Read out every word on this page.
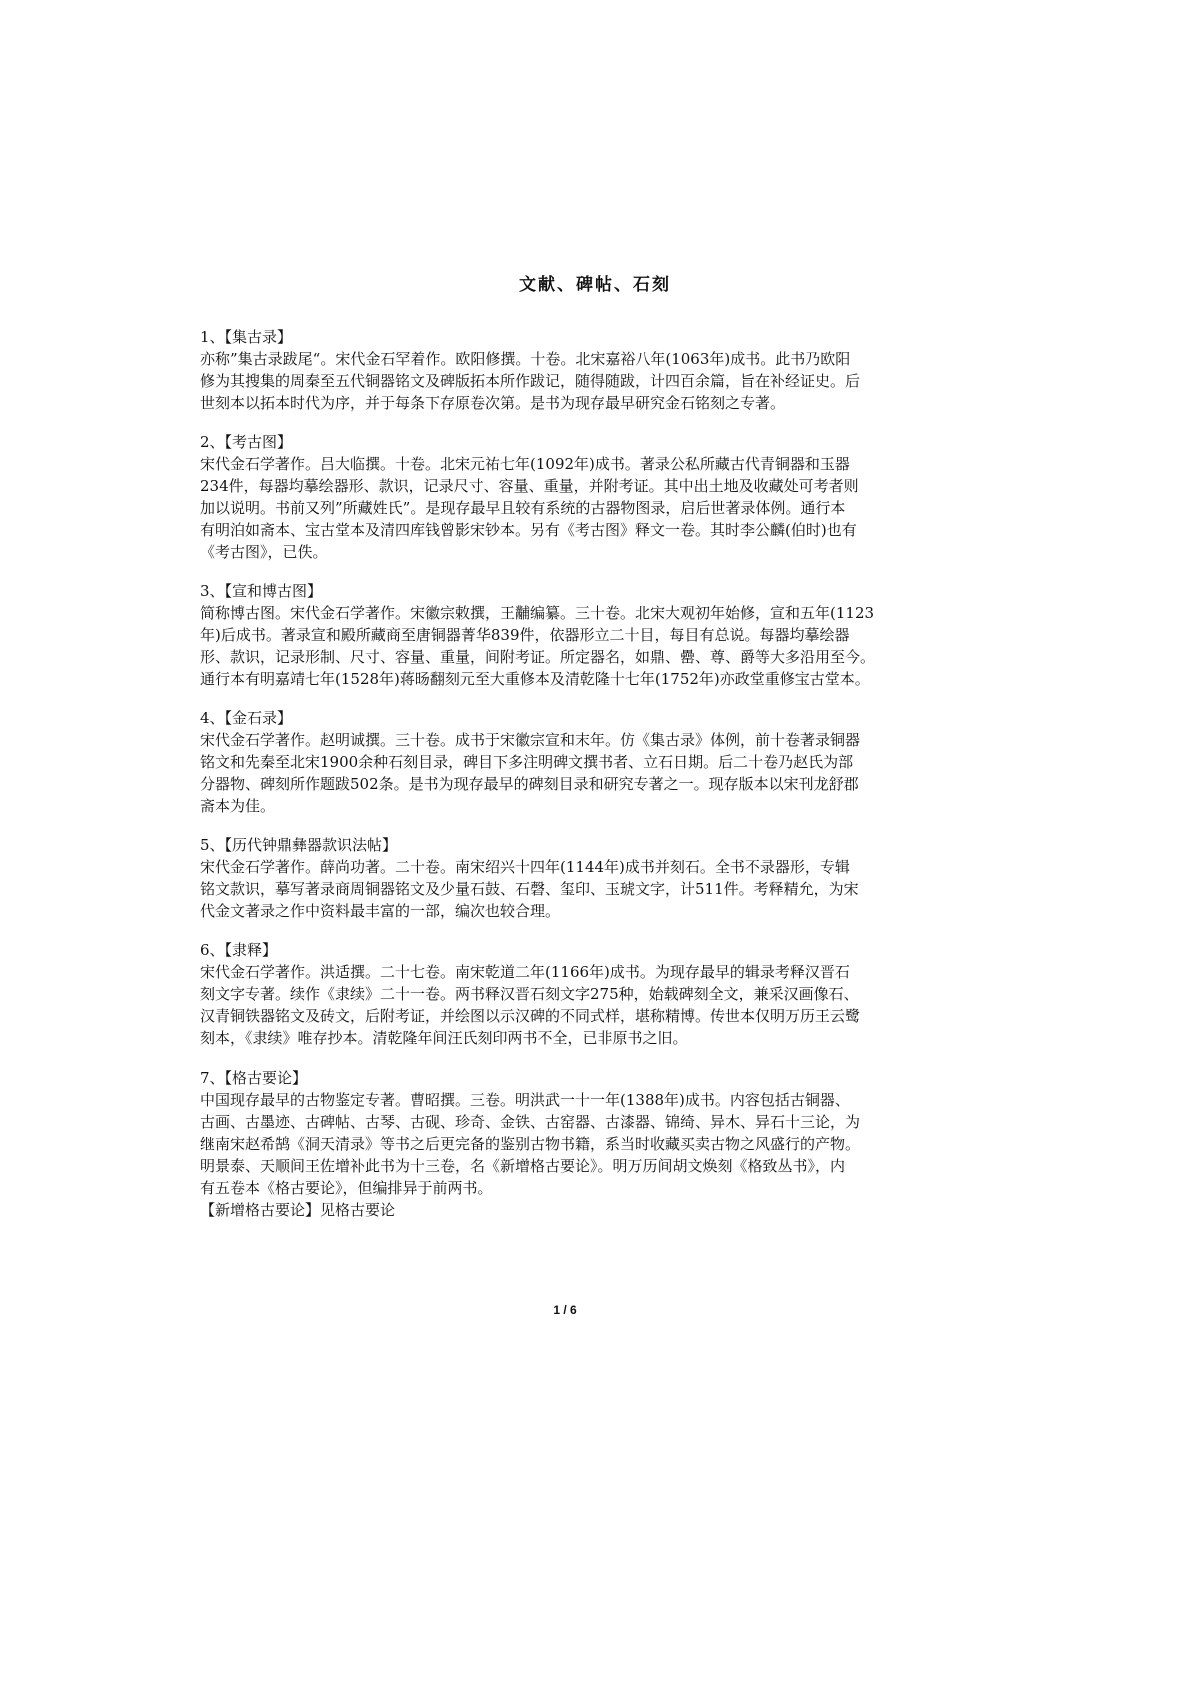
文献、碑帖、石刻
1、【集古录】
亦称”集古录跋尾“。宋代金石罕着作。欧阳修撰。十卷。北宋嘉裕八年(1063年)成书。此书乃欧阳
修为其搜集的周秦至五代铜器铭文及碑版拓本所作跋记，随得随跋，计四百余篇，旨在补经证史。后
世刻本以拓本时代为序，并于每条下存原卷次第。是书为现存最早研究金石铭刻之专著。
2、【考古图】
宋代金石学著作。吕大临撰。十卷。北宋元祐七年(1092年)成书。著录公私所藏古代青铜器和玉器
234件，每器均摹绘器形、款识，记录尺寸、容量、重量，并附考证。其中出土地及收藏处可考者则
加以说明。书前又列”所藏姓氏”。是现存最早且较有系统的古器物图录，启后世著录体例。通行本
有明泊如斋本、宝古堂本及清四库钱曾影宋钞本。另有《考古图》释文一卷。其时李公麟(伯时)也有
《考古图》，已佚。
3、【宣和博古图】
简称博古图。宋代金石学著作。宋徽宗敕撰，王黼编纂。三十卷。北宋大观初年始修，宣和五年(1123
年)后成书。著录宣和殿所藏商至唐铜器菁华839件，依器形立二十目，每目有总说。每器均摹绘器
形、款识，记录形制、尺寸、容量、重量，间附考证。所定器名，如鼎、罍、尊、爵等大多沿用至今。
通行本有明嘉靖七年(1528年)蒋旸翻刻元至大重修本及清乾隆十七年(1752年)亦政堂重修宝古堂本。
4、【金石录】
宋代金石学著作。赵明诚撰。三十卷。成书于宋徽宗宣和末年。仿《集古录》体例，前十卷著录铜器
铭文和先秦至北宋1900余种石刻目录，碑目下多注明碑文撰书者、立石日期。后二十卷乃赵氏为部
分器物、碑刻所作题跋502条。是书为现存最早的碑刻目录和研究专著之一。现存版本以宋刊龙舒郡
斋本为佳。
5、【历代钟鼎彝器款识法帖】
宋代金石学著作。薛尚功著。二十卷。南宋绍兴十四年(1144年)成书并刻石。全书不录器形，专辑
铭文款识，摹写著录商周铜器铭文及少量石鼓、石磬、玺印、玉琥文字，计511件。考释精允，为宋
代金文著录之作中资料最丰富的一部，编次也较合理。
6、【隶释】
宋代金石学著作。洪适撰。二十七卷。南宋乾道二年(1166年)成书。为现存最早的辑录考释汉晋石
刻文字专著。续作《隶续》二十一卷。两书释汉晋石刻文字275种，始载碑刻全文，兼采汉画像石、
汉青铜铁器铭文及砖文，后附考证，并绘图以示汉碑的不同式样，堪称精博。传世本仅明万历王云鹭
刻本，《隶续》唯存抄本。清乾隆年间汪氏刻印两书不全，已非原书之旧。
7、【格古要论】
中国现存最早的古物鉴定专著。曹昭撰。三卷。明洪武一十一年(1388年)成书。内容包括古铜器、
古画、古墨迹、古碑帖、古琴、古砚、珍奇、金铁、古窑器、古漆器、锦绮、异木、异石十三论，为
继南宋赵希鹄《洞天清录》等书之后更完备的鉴别古物书籍，系当时收藏买卖古物之风盛行的产物。
明景泰、天顺间王佐增补此书为十三卷，名《新增格古要论》。明万历间胡文焕刻《格致丛书》，内
有五卷本《格古要论》，但编排异于前两书。
【新增格古要论】见格古要论
1 / 6
